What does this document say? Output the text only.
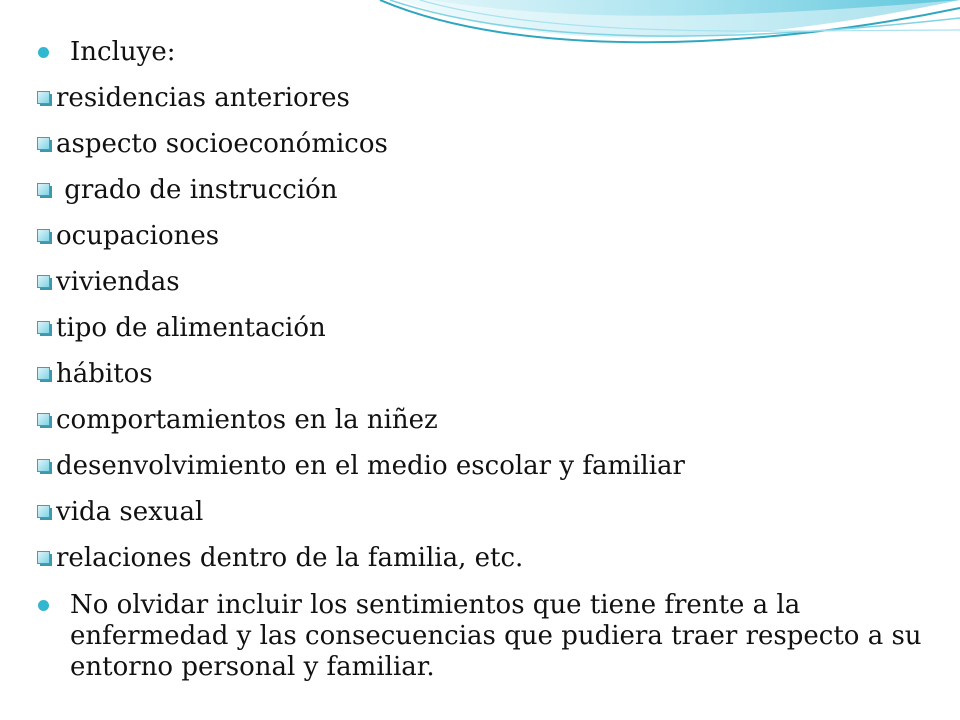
Incluye:
residencias anteriores
aspecto socioeconómicos
grado de instrucción
ocupaciones
viviendas
tipo de alimentación
hábitos
comportamientos en la niñez
desenvolvimiento en el medio escolar y familiar
vida sexual
relaciones dentro de la familia, etc.
No olvidar incluir los sentimientos que tiene frente a la enfermedad y las consecuencias que pudiera traer respecto a su entorno personal y familiar.
